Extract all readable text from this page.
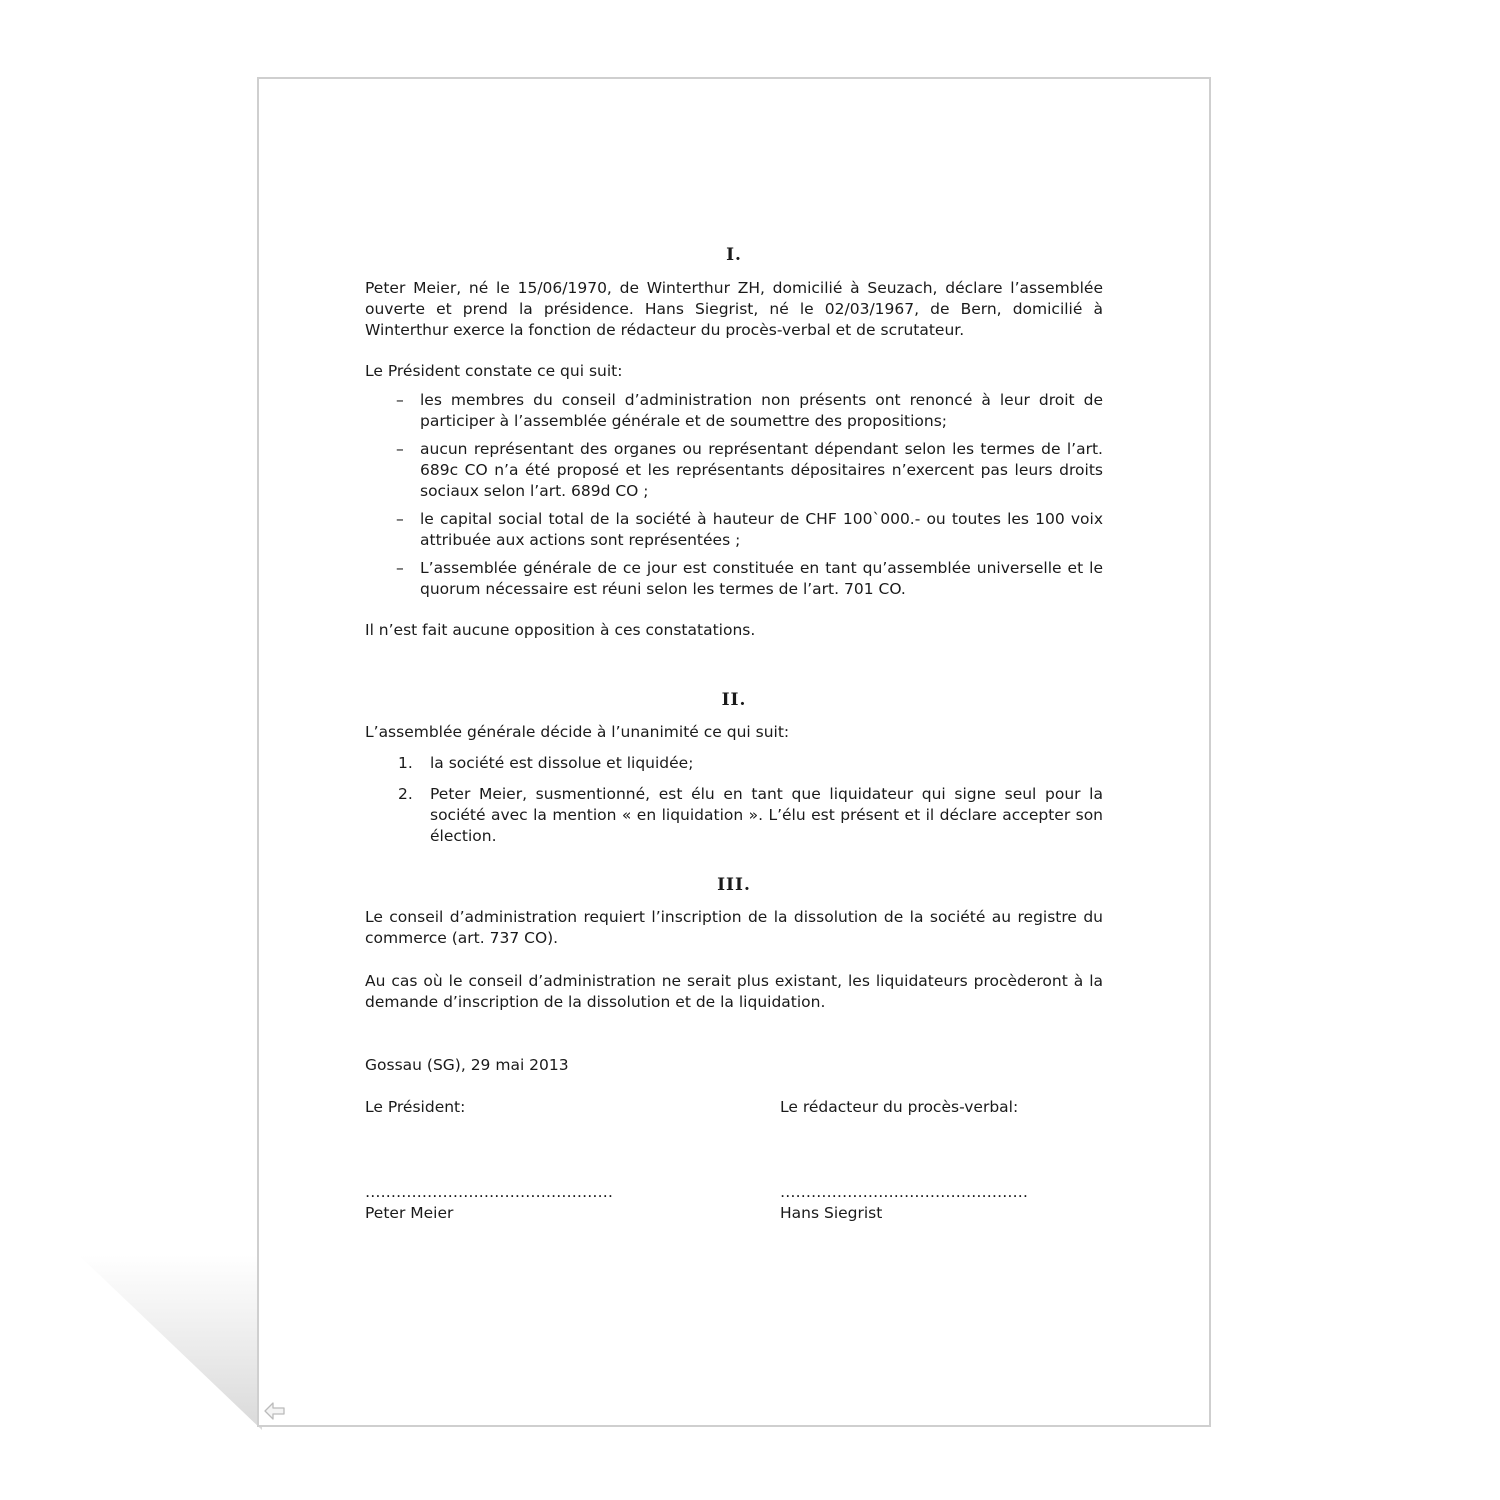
I.

Peter Meier, né le 15/06/1970, de Winterthur ZH, domicilié à Seuzach, déclare l’assemblée ouverte et prend la présidence. Hans Siegrist, né le 02/03/1967, de Bern, domicilié à Winterthur exerce la fonction de rédacteur du procès-verbal et de scrutateur.

Le Président constate ce qui suit:

– les membres du conseil d’administration non présents ont renoncé à leur droit de participer à l’assemblée générale et de soumettre des propositions;
– aucun représentant des organes ou représentant dépendant selon les termes de l’art. 689c CO n’a été proposé et les représentants dépositaires n’exercent pas leurs droits sociaux selon l’art. 689d CO ;
– le capital social total de la société à hauteur de CHF 100`000.- ou toutes les 100 voix attribuée aux actions sont représentées ;
– L’assemblée générale de ce jour est constituée en tant qu’assemblée universelle et le quorum nécessaire est réuni selon les termes de l’art. 701 CO.

Il n’est fait aucune opposition à ces constatations.

II.

L’assemblée générale décide à l’unanimité ce qui suit:

1. la société est dissolue et liquidée;
2. Peter Meier, susmentionné, est élu en tant que liquidateur qui signe seul pour la société avec la mention « en liquidation ». L’élu est présent et il déclare accepter son élection.
III.

Le conseil d’administration requiert l’inscription de la dissolution de la société au registre du commerce (art. 737 CO).

Au cas où le conseil d’administration ne serait plus existant, les liquidateurs procèderont à la demande d’inscription de la dissolution et de la liquidation.

Gossau (SG), 29 mai 2013

Le Président:
…………………………………………
Peter Meier
Le rédacteur du procès-verbal:
…………………………………………
Hans Siegrist
